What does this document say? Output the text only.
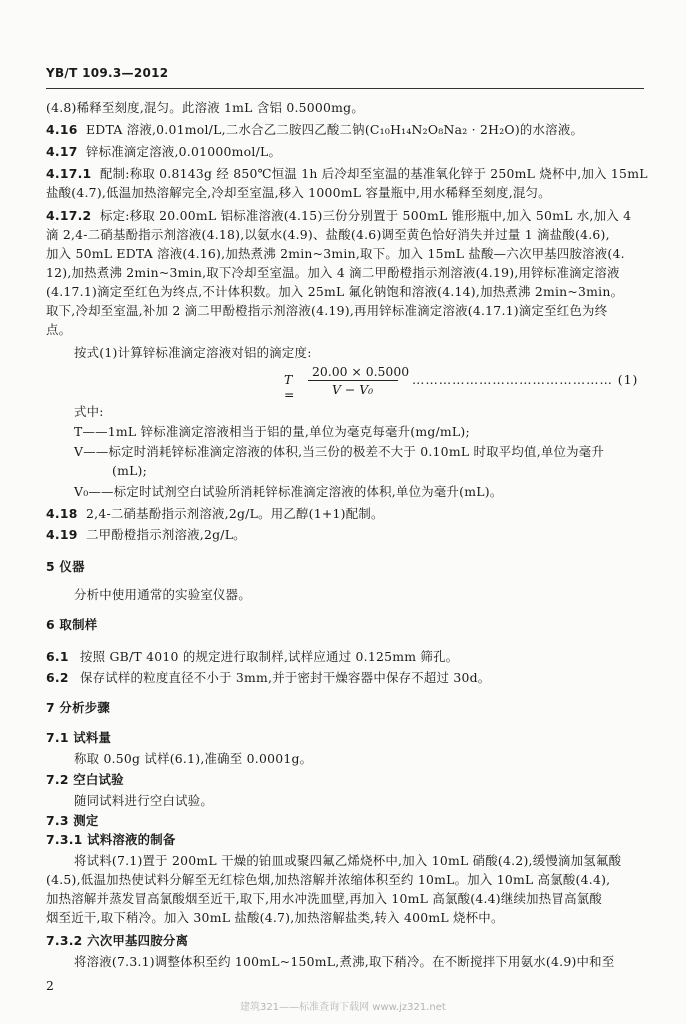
YB/T 109.3—2012
(4.8)稀释至刻度,混匀。此溶液 1mL 含铝 0.5000mg。
4.16 EDTA 溶液,0.01mol/L,二水合乙二胺四乙酸二钠(C₁₀H₁₄N₂O₈Na₂ · 2H₂O)的水溶液。
4.17 锌标准滴定溶液,0.01000mol/L。
4.17.1 配制:称取 0.8143g 经 850℃恒温 1h 后冷却至室温的基准氧化锌于 250mL 烧杯中,加入 15mL
盐酸(4.7),低温加热溶解完全,冷却至室温,移入 1000mL 容量瓶中,用水稀释至刻度,混匀。
4.17.2 标定:移取 20.00mL 铝标准溶液(4.15)三份分别置于 500mL 锥形瓶中,加入 50mL 水,加入 4
滴 2,4-二硝基酚指示剂溶液(4.18),以氨水(4.9)、盐酸(4.6)调至黄色恰好消失并过量 1 滴盐酸(4.6),
加入 50mL EDTA 溶液(4.16),加热煮沸 2min~3min,取下。加入 15mL 盐酸—六次甲基四胺溶液(4.
12),加热煮沸 2min~3min,取下冷却至室温。加入 4 滴二甲酚橙指示剂溶液(4.19),用锌标准滴定溶液
(4.17.1)滴定至红色为终点,不计体积数。加入 25mL 氟化钠饱和溶液(4.14),加热煮沸 2min~3min。
取下,冷却至室温,补加 2 滴二甲酚橙指示剂溶液(4.19),再用锌标准滴定溶液(4.17.1)滴定至红色为终
点。
按式(1)计算锌标准滴定溶液对铝的滴定度:
T =
20.00 × 0.5000
V − V₀
……………………………………… (1)
式中:
T——1mL 锌标准滴定溶液相当于铝的量,单位为毫克每毫升(mg/mL);
V——标定时消耗锌标准滴定溶液的体积,当三份的极差不大于 0.10mL 时取平均值,单位为毫升
(mL);
V₀——标定时试剂空白试验所消耗锌标准滴定溶液的体积,单位为毫升(mL)。
4.18 2,4-二硝基酚指示剂溶液,2g/L。用乙醇(1+1)配制。
4.19 二甲酚橙指示剂溶液,2g/L。
5 仪器
分析中使用通常的实验室仪器。
6 取制样
6.1 按照 GB/T 4010 的规定进行取制样,试样应通过 0.125mm 筛孔。
6.2 保存试样的粒度直径不小于 3mm,并于密封干燥容器中保存不超过 30d。
7 分析步骤
7.1 试料量
称取 0.50g 试样(6.1),准确至 0.0001g。
7.2 空白试验
随同试料进行空白试验。
7.3 测定
7.3.1 试料溶液的制备
将试料(7.1)置于 200mL 干燥的铂皿或聚四氟乙烯烧杯中,加入 10mL 硝酸(4.2),缓慢滴加氢氟酸
(4.5),低温加热使试料分解至无红棕色烟,加热溶解并浓缩体积至约 10mL。加入 10mL 高氯酸(4.4),
加热溶解并蒸发冒高氯酸烟至近干,取下,用水冲洗皿壁,再加入 10mL 高氯酸(4.4)继续加热冒高氯酸
烟至近干,取下稍冷。加入 30mL 盐酸(4.7),加热溶解盐类,转入 400mL 烧杯中。
7.3.2 六次甲基四胺分离
将溶液(7.3.1)调整体积至约 100mL~150mL,煮沸,取下稍冷。在不断搅拌下用氨水(4.9)中和至
2
建筑321——标准查询下载网 www.jz321.net
